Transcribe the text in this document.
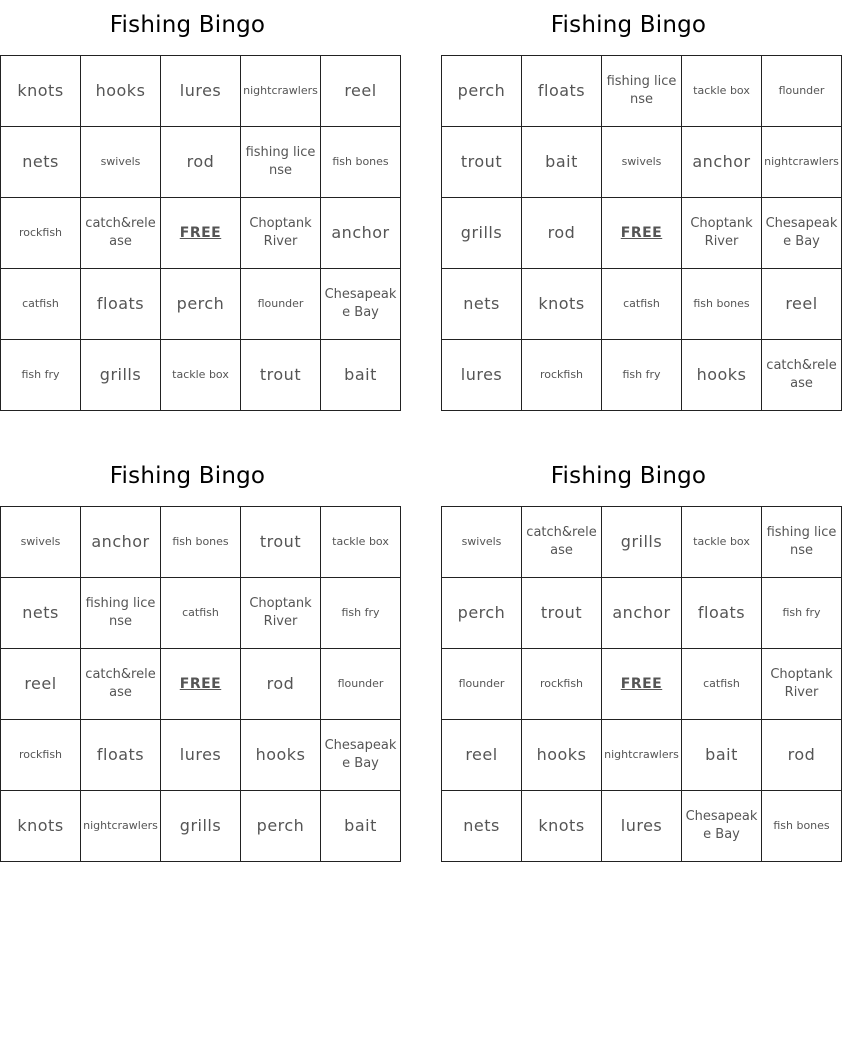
Fishing Bingo
knots	hooks	lures	nightcrawlers	reel
nets	swivels	rod	fishing license	fish bones
rockfish	catch&release	FREE	Choptank River	anchor
catfish	floats	perch	flounder	Chesapeake Bay
fish fry	grills	tackle box	trout	bait
Fishing Bingo
perch	floats	fishing license	tackle box	flounder
trout	bait	swivels	anchor	nightcrawlers
grills	rod	FREE	Choptank River	Chesapeake Bay
nets	knots	catfish	fish bones	reel
lures	rockfish	fish fry	hooks	catch&release
Fishing Bingo
swivels	anchor	fish bones	trout	tackle box
nets	fishing license	catfish	Choptank River	fish fry
reel	catch&release	FREE	rod	flounder
rockfish	floats	lures	hooks	Chesapeake Bay
knots	nightcrawlers	grills	perch	bait
Fishing Bingo
swivels	catch&release	grills	tackle box	fishing license
perch	trout	anchor	floats	fish fry
flounder	rockfish	FREE	catfish	Choptank River
reel	hooks	nightcrawlers	bait	rod
nets	knots	lures	Chesapeake Bay	fish bones
